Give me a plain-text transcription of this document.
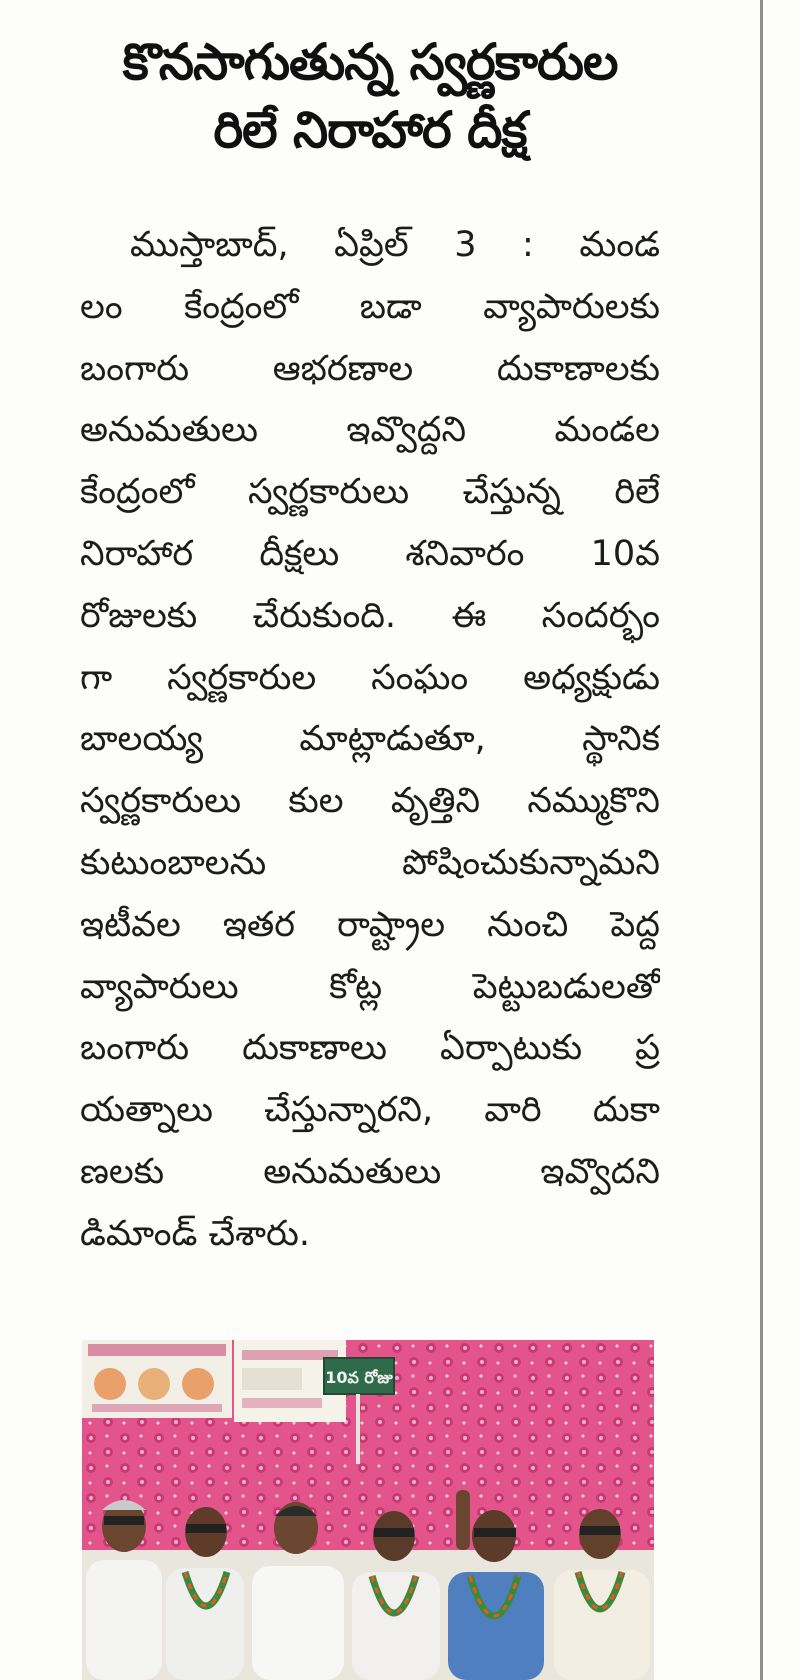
కొనసాగుతున్న స్వర్ణకారుల
రిలే నిరాహార దీక్ష
ముస్తాబాద్, ఏప్రిల్ 3 : మండ
లం కేంద్రంలో బడా వ్యాపారులకు
బంగారు ఆభరణాల దుకాణాలకు
అనుమతులు ఇవ్వొద్దని మండల
కేంద్రంలో స్వర్ణకారులు చేస్తున్న రిలే
నిరాహార దీక్షలు శనివారం 10వ
రోజులకు చేరుకుంది. ఈ సందర్భం
గా స్వర్ణకారుల సంఘం అధ్యక్షుడు
బాలయ్య మాట్లాడుతూ, స్థానిక
స్వర్ణకారులు కుల వృత్తిని నమ్ముకొని
కుటుంబాలను పోషించుకున్నామని
ఇటీవల ఇతర రాష్ట్రాల నుంచి పెద్ద
వ్యాపారులు కోట్ల పెట్టుబడులతో
బంగారు దుకాణాలు ఏర్పాటుకు ప్ర
యత్నాలు చేస్తున్నారని, వారి దుకా
ణలకు అనుమతులు ఇవ్వొదని
డిమాండ్ చేశారు.
10వ రోజు
